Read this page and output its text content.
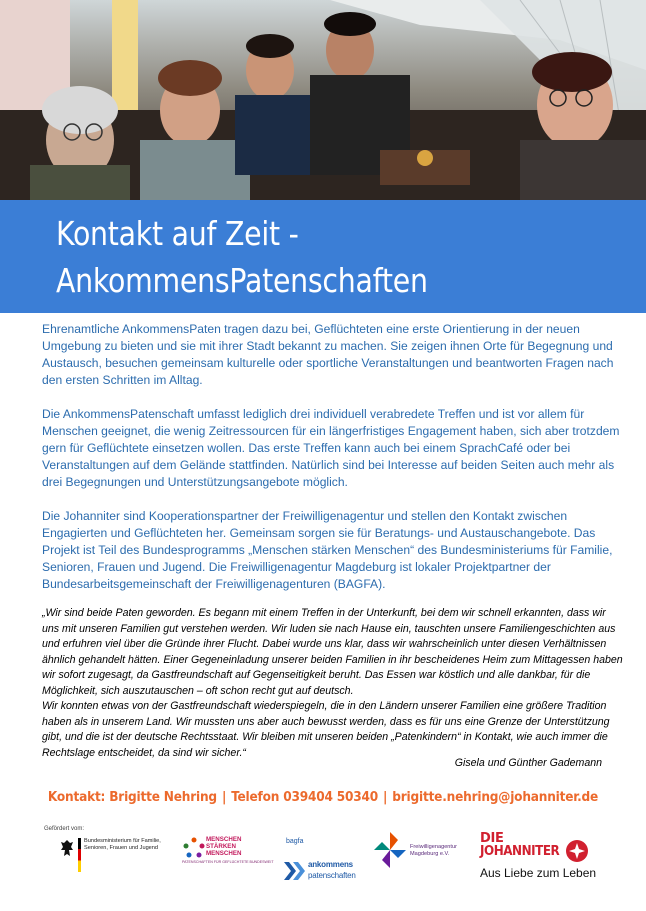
Kontakt auf Zeit -
AnkommensPatenschaften

Ehrenamtliche AnkommensPaten tragen dazu bei, Geflüchteten eine erste Orientierung in der neuen Umgebung zu bieten und sie mit ihrer Stadt bekannt zu machen. Sie zeigen ihnen Orte für Begegnung und Austausch, besuchen gemeinsam kulturelle oder sportliche Veranstaltungen und beantworten Fragen nach den ersten Schritten im Alltag.

Die AnkommensPatenschaft umfasst lediglich drei individuell verabredete Treffen und ist vor allem für Menschen geeignet, die wenig Zeitressourcen für ein längerfristiges Engagement haben, sich aber trotzdem gern für Geflüchtete einsetzen wollen. Das erste Treffen kann auch bei einem SprachCafé oder bei Veranstaltungen auf dem Gelände stattfinden. Natürlich sind bei Interesse auf beiden Seiten auch mehr als drei Begegnungen und Unterstützungsangebote möglich.

Die Johanniter sind Kooperationspartner der Freiwilligenagentur und stellen den Kontakt zwischen Engagierten und Geflüchteten her. Gemeinsam sorgen sie für Beratungs- und Austauschangebote. Das Projekt ist Teil des Bundesprogramms „Menschen stärken Menschen“ des Bundesministeriums für Familie, Senioren, Frauen und Jugend. Die Freiwilligenagentur Magdeburg ist lokaler Projektpartner der Bundesarbeitsgemeinschaft der Freiwilligenagenturen (BAGFA).

„Wir sind beide Paten geworden. Es begann mit einem Treffen in der Unterkunft, bei dem wir schnell erkannten, dass wir uns mit unseren Familien gut verstehen werden. Wir luden sie nach Hause ein, tauschten unsere Familiengeschichten aus und erfuhren viel über die Gründe ihrer Flucht. Dabei wurde uns klar, dass wir wahrscheinlich unter diesen Verhältnissen ähnlich gehandelt hätten. Einer Gegeneinladung unserer beiden Familien in ihr bescheidenes Heim zum Mittagessen haben wir sofort zugesagt, da Gastfreundschaft auf Gegenseitigkeit beruht. Das Essen war köstlich und alle dankbar, für die Möglichkeit, sich auszutauschen – oft schon recht gut auf deutsch.

Wir konnten etwas von der Gastfreundschaft wiederspiegeln, die in den Ländern unserer Familien eine größere Tradition haben als in unserem Land. Wir mussten uns aber auch bewusst werden, dass es für uns eine Grenze der Unterstützung gibt, und die ist der deutsche Rechtsstaat. Wir bleiben mit unseren beiden „Patenkindern“ in Kontakt, wie auch immer die Rechtslage entscheidet, da sind wir sicher.“

Gisela und Günther Gademann
Kontakt: Brigitte Nehring | Telefon 039404 50340 | brigitte.nehring@johanniter.de
Gefördert vom:
Bundesministerium für Familie, Senioren, Frauen und Jugend
MENSCHEN
STÄRKEN
MENSCHEN
PATENSCHAFTEN FÜR GEFLÜCHTETE BUNDESWEIT
bagfa
ankommens
patenschaften
Freiwilligenagentur
Magdeburg e.V.
DIE
JOHANNITER
Aus Liebe zum Leben
